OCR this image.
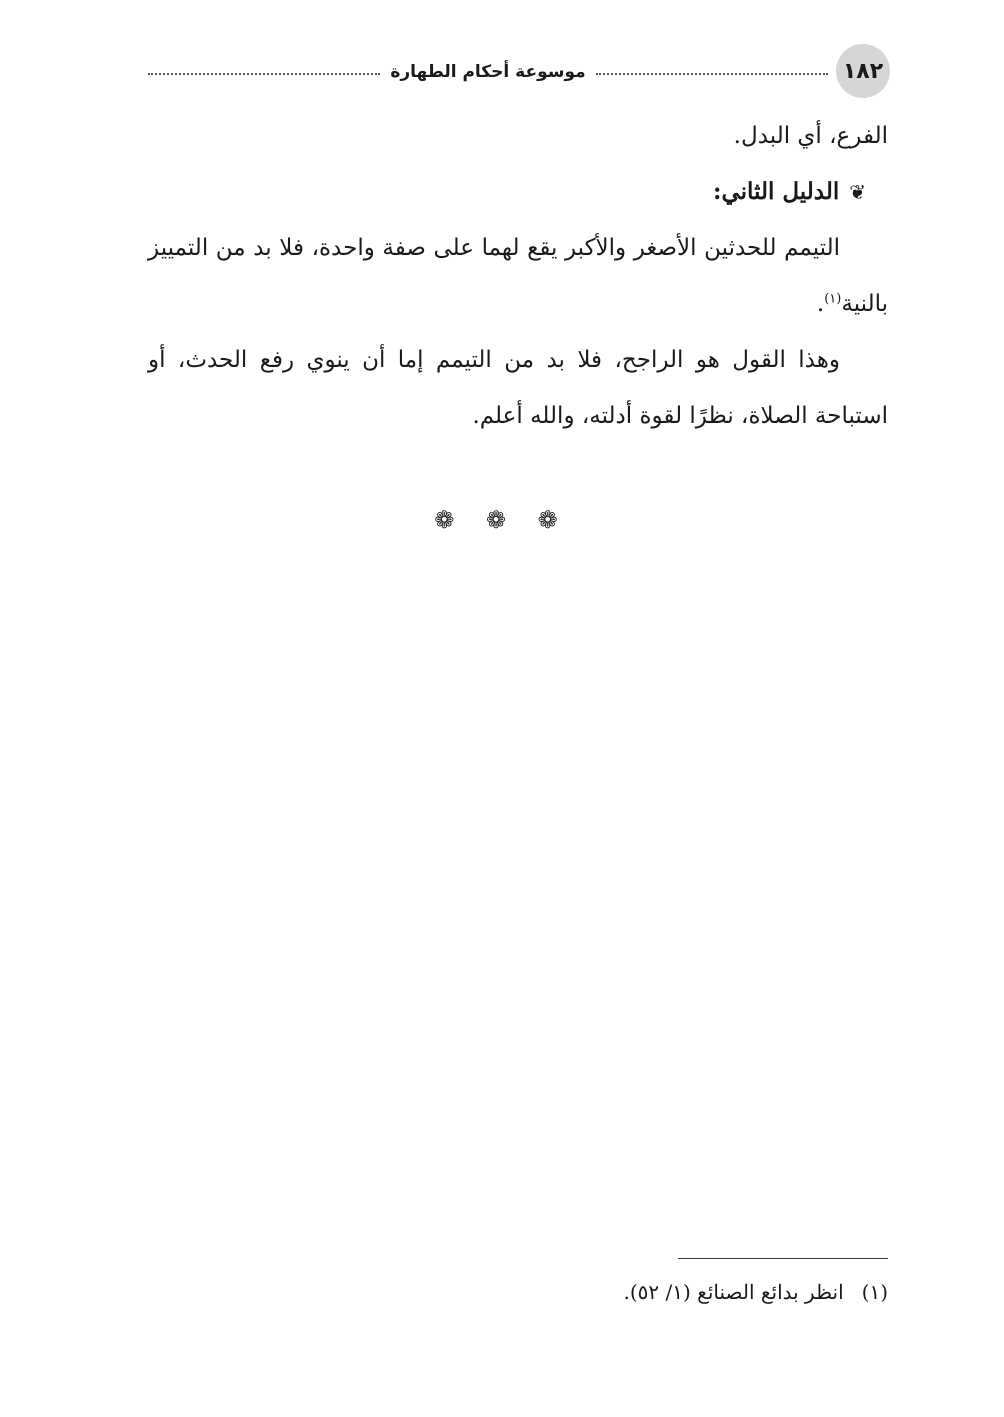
١٨٢
موسوعة أحكام الطهارة

الفرع، أي البدل.

❦
الدليل الثاني:

التيمم للحدثين الأصغر والأكبر يقع لهما على صفة واحدة، فلا بد من التمييز بالنية$^{(١)}$.

وهذا القول هو الراجح، فلا بد من التيمم إما أن ينوي رفع الحدث، أو استباحة الصلاة، نظرًا لقوة أدلته، والله أعلم.

❁ ❁ ❁
(١)
انظر بدائع الصنائع (١/ ٥٢).
